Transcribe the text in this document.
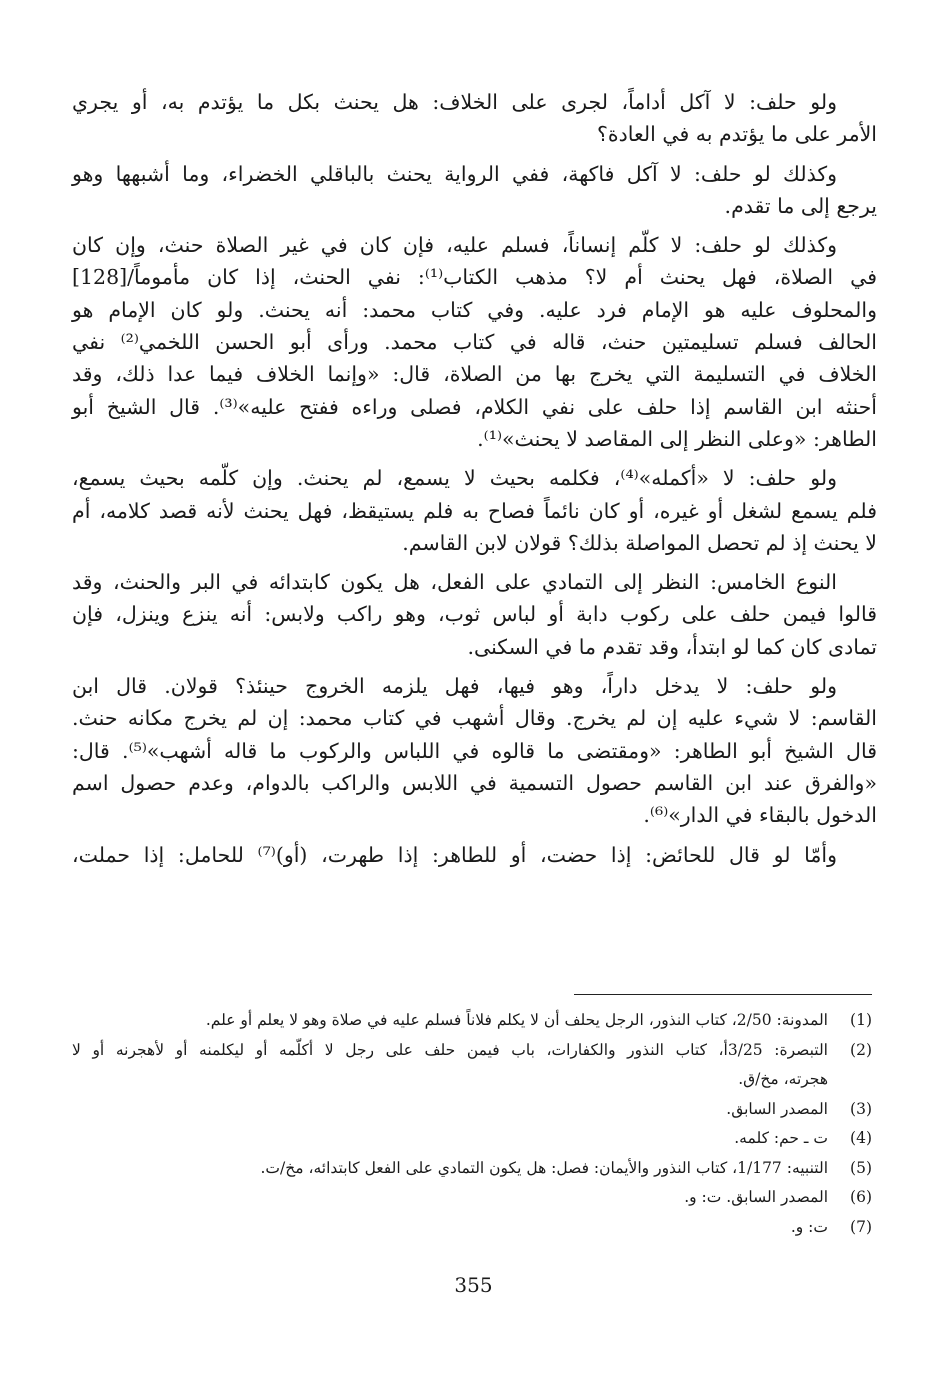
ولو حلف: لا آكل أداماً، لجرى على الخلاف: هل يحنث بكل ما يؤتدم به، أو يجري
الأمر على ما يؤتدم به في العادة؟

وكذلك لو حلف: لا آكل فاكهة، ففي الرواية يحنث بالباقلي الخضراء، وما أشبهها وهو
يرجع إلى ما تقدم.

وكذلك لو حلف: لا كلّم إنساناً، فسلم عليه، فإن كان في غير الصلاة حنث، وإن كان
في الصلاة، فهل يحنث أم لا؟ مذهب الكتاب⁽¹⁾: نفي الحنث، إذا كان مأموماً/[128]
والمحلوف عليه هو الإمام فرد عليه. وفي كتاب محمد: أنه يحنث. ولو كان الإمام هو
الحالف فسلم تسليمتين حنث، قاله في كتاب محمد. ورأى أبو الحسن اللخمي⁽²⁾ نفي
الخلاف في التسليمة التي يخرج بها من الصلاة، قال: «وإنما الخلاف فيما عدا ذلك، وقد
أحنثه ابن القاسم إذا حلف على نفي الكلام، فصلى وراءه ففتح عليه»⁽³⁾. قال الشيخ أبو
الطاهر: «وعلى النظر إلى المقاصد لا يحنث»⁽¹⁾.

ولو حلف: لا «أكمله»⁽⁴⁾، فكلمه بحيث لا يسمع، لم يحنث. وإن كلّمه بحيث يسمع،
فلم يسمع لشغل أو غيره، أو كان نائماً فصاح به فلم يستيقظ، فهل يحنث لأنه قصد كلامه، أم
لا يحنث إذ لم تحصل المواصلة بذلك؟ قولان لابن القاسم.

النوع الخامس: النظر إلى التمادي على الفعل، هل يكون كابتدائه في البر والحنث، وقد
قالوا فيمن حلف على ركوب دابة أو لباس ثوب، وهو راكب ولابس: أنه ينزع وينزل، فإن
تمادى كان كما لو ابتدأ، وقد تقدم ما في السكنى.

ولو حلف: لا يدخل داراً، وهو فيها، فهل يلزمه الخروج حينئذ؟ قولان. قال ابن
القاسم: لا شيء عليه إن لم يخرج. وقال أشهب في كتاب محمد: إن لم يخرج مكانه حنث.
قال الشيخ أبو الطاهر: «ومقتضى ما قالوه في اللباس والركوب ما قاله أشهب»⁽⁵⁾. قال:
«والفرق عند ابن القاسم حصول التسمية في اللابس والراكب بالدوام، وعدم حصول اسم
الدخول بالبقاء في الدار»⁽⁶⁾.

وأمّا لو قال للحائض: إذا حضت، أو للطاهر: إذا طهرت، (أو)⁽⁷⁾ للحامل: إذا حملت،

(1)
المدونة: 2/50، كتاب النذور، الرجل يحلف أن لا يكلم فلاناً فسلم عليه في صلاة وهو لا يعلم أو علم.
(2)
التبصرة: 3/25أ، كتاب النذور والكفارات، باب فيمن حلف على رجل لا أكلّمه أو ليكلمنه أو لأهجرنه أو لا
هجرته، مخ/ق.
(3)
المصدر السابق.
(4)
ت ـ حم: كلمه.
(5)
التنبيه: 1/177، كتاب النذور والأيمان: فصل: هل يكون التمادي على الفعل كابتدائه، مخ/ت.
(6)
المصدر السابق. ت: و.
(7)
ت: و.
355
